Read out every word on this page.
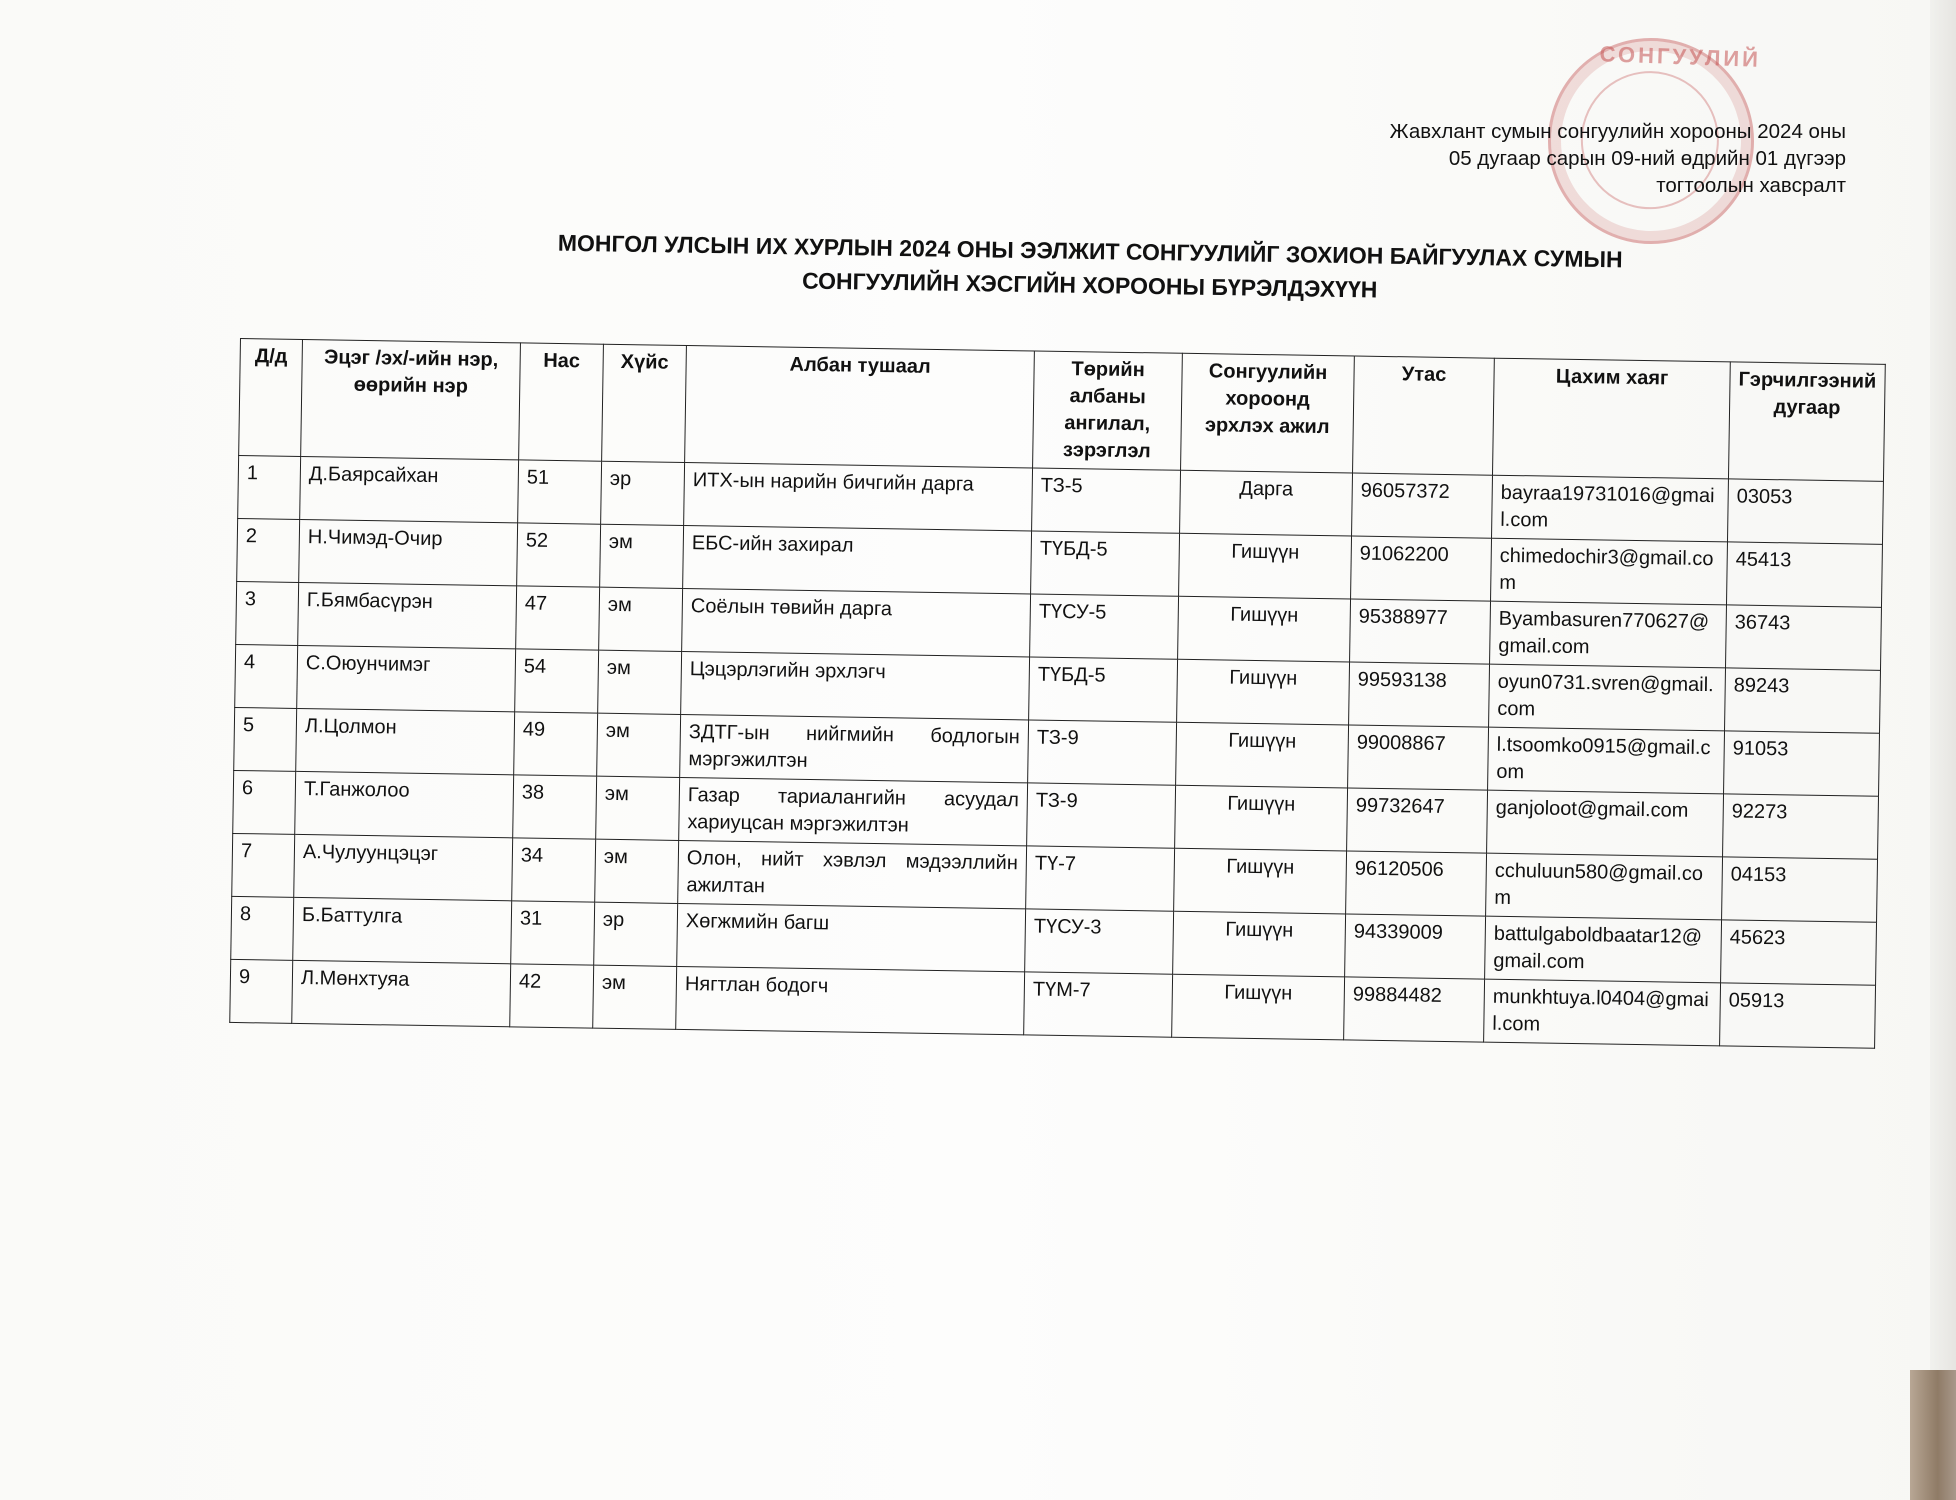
СОНГУУЛИЙ
Жавхлант сумын сонгуулийн хорооны 2024 оны
05 дугаар сарын 09-ний өдрийн 01 дүгээр
тогтоолын хавсралт
МОНГОЛ УЛСЫН ИХ ХУРЛЫН 2024 ОНЫ ЭЭЛЖИТ СОНГУУЛИЙГ ЗОХИОН БАЙГУУЛАХ СУМЫН
СОНГУУЛИЙН ХЭСГИЙН ХОРООНЫ БҮРЭЛДЭХҮҮН
Д/д	Эцэг /эх/-ийн нэр, өөрийн нэр	Нас	Хүйс	Албан тушаал	Төрийн албаны ангилал, зэрэглэл	Сонгуулийн хороонд эрхлэх ажил	Утас	Цахим хаяг	Гэрчилгээний дугаар
1	Д.Баярсайхан	51	эр	ИТХ-ын нарийн бичгийн дарга	ТЗ-5	Дарга	96057372	bayraa19731016@gmail.com	03053
2	Н.Чимэд-Очир	52	эм	ЕБС-ийн захирал	ТҮБД-5	Гишүүн	91062200	chimedochir3@gmail.com	45413
3	Г.Бямбасүрэн	47	эм	Соёлын төвийн дарга	ТҮСУ-5	Гишүүн	95388977	Byambasuren770627@gmail.com	36743
4	С.Оюунчимэг	54	эм	Цэцэрлэгийн эрхлэгч	ТҮБД-5	Гишүүн	99593138	oyun0731.svren@gmail.com	89243
5	Л.Цолмон	49	эм	ЗДТГ-ын нийгмийн бодлогын мэргэжилтэн	ТЗ-9	Гишүүн	99008867	l.tsoomko0915@gmail.com	91053
6	Т.Ганжолоо	38	эм	Газар тариалангийн асуудал хариуцсан мэргэжилтэн	ТЗ-9	Гишүүн	99732647	ganjoloot@gmail.com	92273
7	А.Чулуунцэцэг	34	эм	Олон, нийт хэвлэл мэдээллийн ажилтан	ТҮ-7	Гишүүн	96120506	cchuluun580@gmail.com	04153
8	Б.Баттулга	31	эр	Хөгжмийн багш	ТҮСУ-3	Гишүүн	94339009	battulgaboldbaatar12@gmail.com	45623
9	Л.Мөнхтуяа	42	эм	Нягтлан бодогч	ТҮМ-7	Гишүүн	99884482	munkhtuya.l0404@gmail.com	05913
